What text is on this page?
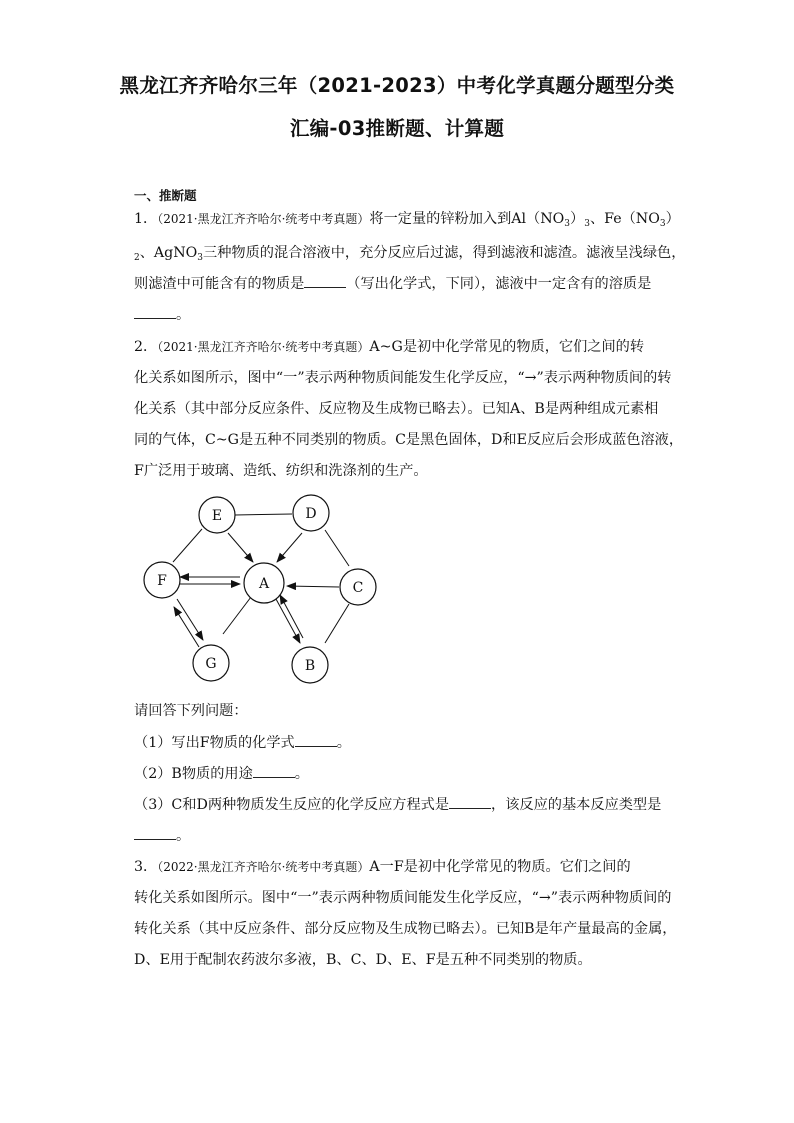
黑龙江齐齐哈尔三年（2021-2023）中考化学真题分题型分类
汇编-03推断题、计算题
一、推断题
1．（2021·黑龙江齐齐哈尔·统考中考真题）将一定量的锌粉加入到$Al(NO_3)_3$、$Fe(NO_3)$
$_2$、AgNO$_3$三种物质的混合溶液中，充分反应后过滤，得到滤液和滤渣。滤液呈浅绿色，
则滤渣中可能含有的物质是	（写出化学式，下同），滤液中一定含有的溶质是
。
2．（2021·黑龙江齐齐哈尔·统考中考真题）A~G是初中化学常见的物质，它们之间的转
化关系如图所示，图中“一”表示两种物质间能发生化学反应，“→”表示两种物质间的转
化关系（其中部分反应条件、反应物及生成物已略去）。已知A、B是两种组成元素相
同的气体，C~G是五种不同类别的物质。C是黑色固体，D和E反应后会形成蓝色溶液，
F广泛用于玻璃、造纸、纺织和洗涤剂的生产。
E	D
F	A	C
G	B
请回答下列问题：
（1）写出F物质的化学式	。
（2）B物质的用途	。
（3）C和D两种物质发生反应的化学反应方程式是	，该反应的基本反应类型是
。
3．（2022·黑龙江齐齐哈尔·统考中考真题）A一F是初中化学常见的物质。它们之间的
转化关系如图所示。图中“一”表示两种物质间能发生化学反应，“→”表示两种物质间的
转化关系（其中反应条件、部分反应物及生成物已略去）。已知B是年产量最高的金属，
D、E用于配制农药波尔多液，B、C、D、E、F是五种不同类别的物质。
